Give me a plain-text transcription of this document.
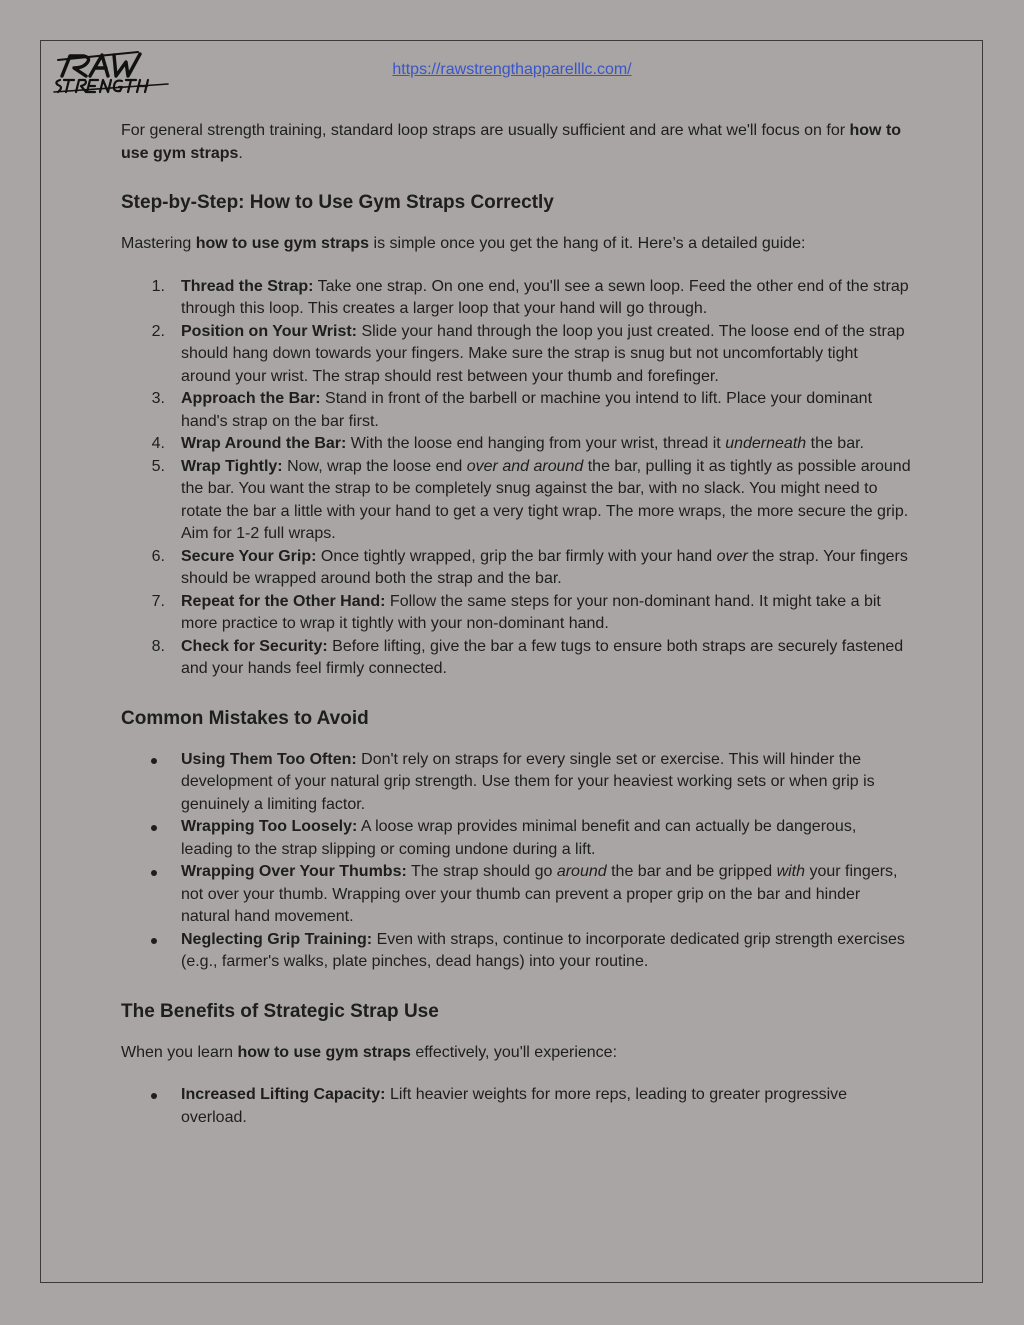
RAW STRENGTH
https://rawstrengthapparelllc.com/

For general strength training, standard loop straps are usually sufficient and are what we'll focus on for how to use gym straps.

Step-by-Step: How to Use Gym Straps Correctly

Mastering how to use gym straps is simple once you get the hang of it. Here’s a detailed guide:

1.	Thread the Strap: Take one strap. On one end, you'll see a sewn loop. Feed the other end of the strap through this loop. This creates a larger loop that your hand will go through.
2.	Position on Your Wrist: Slide your hand through the loop you just created. The loose end of the strap should hang down towards your fingers. Make sure the strap is snug but not uncomfortably tight around your wrist. The strap should rest between your thumb and forefinger.
3.	Approach the Bar: Stand in front of the barbell or machine you intend to lift. Place your dominant hand's strap on the bar first.
4.	Wrap Around the Bar: With the loose end hanging from your wrist, thread it underneath the bar.
5.	Wrap Tightly: Now, wrap the loose end over and around the bar, pulling it as tightly as possible around the bar. You want the strap to be completely snug against the bar, with no slack. You might need to rotate the bar a little with your hand to get a very tight wrap. The more wraps, the more secure the grip. Aim for 1-2 full wraps.
6.	Secure Your Grip: Once tightly wrapped, grip the bar firmly with your hand over the strap. Your fingers should be wrapped around both the strap and the bar.
7.	Repeat for the Other Hand: Follow the same steps for your non-dominant hand. It might take a bit more practice to wrap it tightly with your non-dominant hand.
8.	Check for Security: Before lifting, give the bar a few tugs to ensure both straps are securely fastened and your hands feel firmly connected.
Common Mistakes to Avoid
Using Them Too Often: Don't rely on straps for every single set or exercise. This will hinder the development of your natural grip strength. Use them for your heaviest working sets or when grip is genuinely a limiting factor.
Wrapping Too Loosely: A loose wrap provides minimal benefit and can actually be dangerous, leading to the strap slipping or coming undone during a lift.
Wrapping Over Your Thumbs: The strap should go around the bar and be gripped with your fingers, not over your thumb. Wrapping over your thumb can prevent a proper grip on the bar and hinder natural hand movement.
Neglecting Grip Training: Even with straps, continue to incorporate dedicated grip strength exercises (e.g., farmer's walks, plate pinches, dead hangs) into your routine.
The Benefits of Strategic Strap Use

When you learn how to use gym straps effectively, you'll experience:

Increased Lifting Capacity: Lift heavier weights for more reps, leading to greater progressive overload.
